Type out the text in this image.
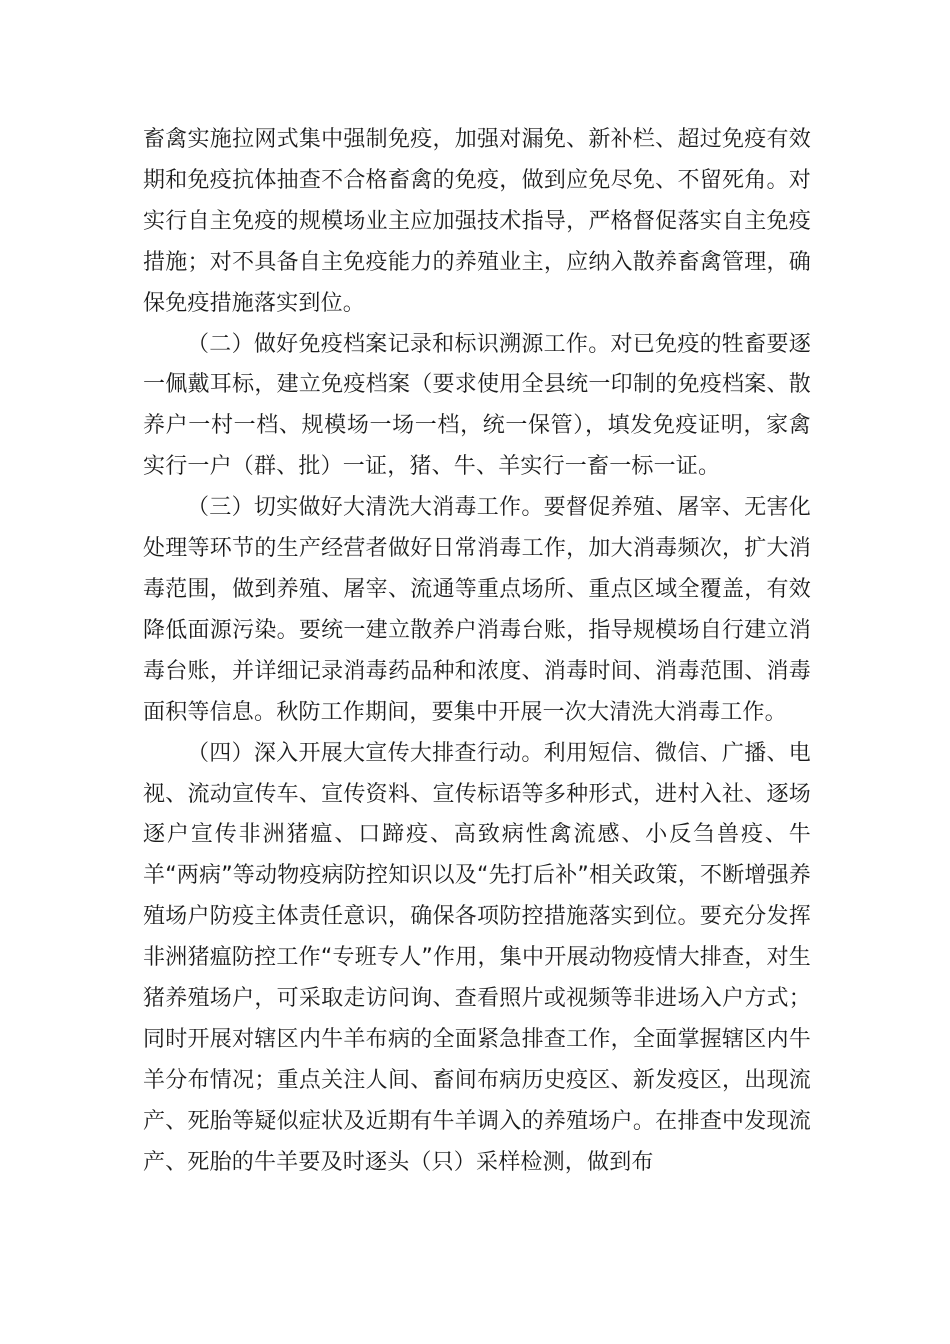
畜禽实施拉网式集中强制免疫，加强对漏免、新补栏、超过免疫有效期和免疫抗体抽查不合格畜禽的免疫，做到应免尽免、不留死角。对实行自主免疫的规模场业主应加强技术指导，严格督促落实自主免疫措施；对不具备自主免疫能力的养殖业主，应纳入散养畜禽管理，确保免疫措施落实到位。

（二）做好免疫档案记录和标识溯源工作。对已免疫的牲畜要逐一佩戴耳标，建立免疫档案（要求使用全县统一印制的免疫档案、散养户一村一档、规模场一场一档，统一保管），填发免疫证明，家禽实行一户（群、批）一证，猪、牛、羊实行一畜一标一证。

（三）切实做好大清洗大消毒工作。要督促养殖、屠宰、无害化处理等环节的生产经营者做好日常消毒工作，加大消毒频次，扩大消毒范围，做到养殖、屠宰、流通等重点场所、重点区域全覆盖，有效降低面源污染。要统一建立散养户消毒台账，指导规模场自行建立消毒台账，并详细记录消毒药品种和浓度、消毒时间、消毒范围、消毒面积等信息。秋防工作期间，要集中开展一次大清洗大消毒工作。

（四）深入开展大宣传大排查行动。利用短信、微信、广播、电视、流动宣传车、宣传资料、宣传标语等多种形式，进村入社、逐场逐户宣传非洲猪瘟、口蹄疫、高致病性禽流感、小反刍兽疫、牛羊“两病”等动物疫病防控知识以及“先打后补”相关政策，不断增强养殖场户防疫主体责任意识，确保各项防控措施落实到位。要充分发挥非洲猪瘟防控工作“专班专人”作用，集中开展动物疫情大排查，对生猪养殖场户，可采取走访问询、查看照片或视频等非进场入户方式；同时开展对辖区内牛羊布病的全面紧急排查工作，全面掌握辖区内牛羊分布情况；重点关注人间、畜间布病历史疫区、新发疫区，出现流产、死胎等疑似症状及近期有牛羊调入的养殖场户。在排查中发现流产、死胎的牛羊要及时逐头（只）采样检测，做到布
